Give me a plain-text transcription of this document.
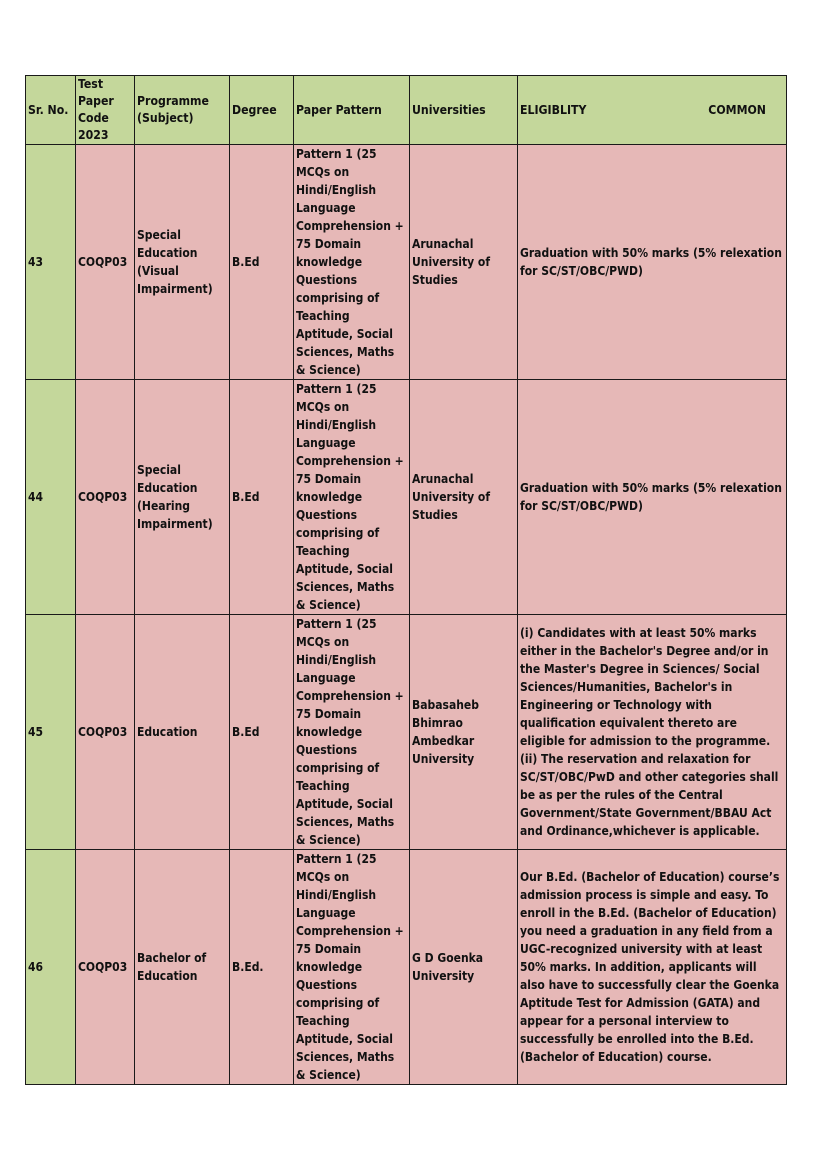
Sr. No.	Test Paper Code 2023	Programme (Subject)	Degree	Paper Pattern	Universities	ELIGIBLITY COMMON

43	COQP03	Special Education (Visual Impairment)	B.Ed	Pattern 1 (25 MCQs on Hindi/English Language Comprehension + 75 Domain knowledge Questions comprising of Teaching Aptitude, Social Sciences, Maths & Science)	Arunachal University of Studies	Graduation with 50% marks (5% relexation for SC/ST/OBC/PWD)
44	COQP03	Special Education (Hearing Impairment)	B.Ed	Pattern 1 (25 MCQs on Hindi/English Language Comprehension + 75 Domain knowledge Questions comprising of Teaching Aptitude, Social Sciences, Maths & Science)	Arunachal University of Studies	Graduation with 50% marks (5% relexation for SC/ST/OBC/PWD)
45	COQP03	Education	B.Ed	Pattern 1 (25 MCQs on Hindi/English Language Comprehension + 75 Domain knowledge Questions comprising of Teaching Aptitude, Social Sciences, Maths & Science)	Babasaheb Bhimrao Ambedkar University	(i) Candidates with at least 50% marks either in the Bachelor's Degree and/or in the Master's Degree in Sciences/ Social Sciences/Humanities, Bachelor's in Engineering or Technology with qualification equivalent thereto are eligible for admission to the programme. (ii) The reservation and relaxation for SC/ST/OBC/PwD and other categories shall be as per the rules of the Central Government/State Government/BBAU Act and Ordinance,whichever is applicable.
46	COQP03	Bachelor of Education	B.Ed.	Pattern 1 (25 MCQs on Hindi/English Language Comprehension + 75 Domain knowledge Questions comprising of Teaching Aptitude, Social Sciences, Maths & Science)	G D Goenka University	Our B.Ed. (Bachelor of Education) course’s admission process is simple and easy. To enroll in the B.Ed. (Bachelor of Education) you need a graduation in any field from a UGC-recognized university with at least 50% marks. In addition, applicants will also have to successfully clear the Goenka Aptitude Test for Admission (GATA) and appear for a personal interview to successfully be enrolled into the B.Ed. (Bachelor of Education) course.
